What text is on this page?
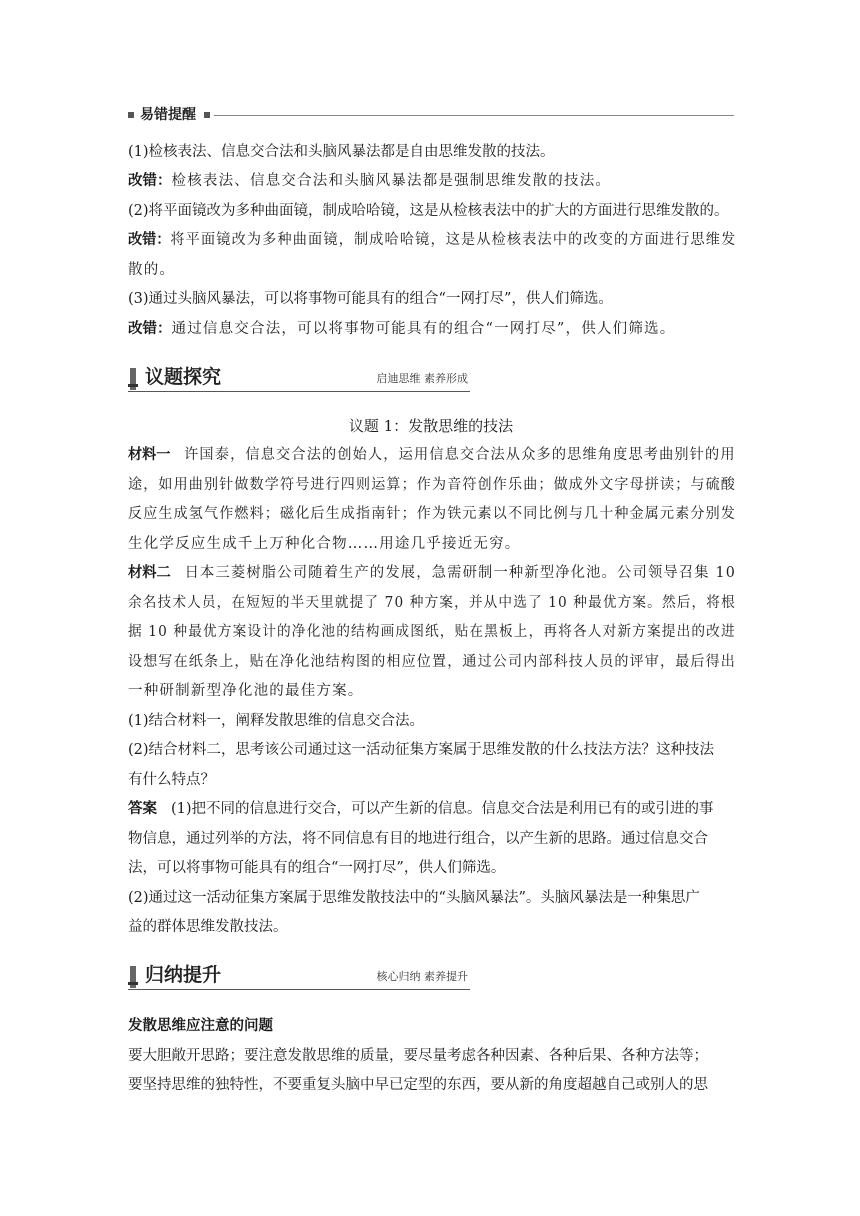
易错提醒
(1)检核表法、信息交合法和头脑风暴法都是自由思维发散的技法。
改错：检核表法、信息交合法和头脑风暴法都是强制思维发散的技法。
(2)将平面镜改为多种曲面镜，制成哈哈镜，这是从检核表法中的扩大的方面进行思维发散的。
改错：将平面镜改为多种曲面镜，制成哈哈镜，这是从检核表法中的改变的方面进行思维发
散的。
(3)通过头脑风暴法，可以将事物可能具有的组合“一网打尽”，供人们筛选。
改错：通过信息交合法，可以将事物可能具有的组合“一网打尽”，供人们筛选。
议题探究	启迪思维 素养形成
议题 1：发散思维的技法
材料一 许国泰，信息交合法的创始人，运用信息交合法从众多的思维角度思考曲别针的用
途，如用曲别针做数学符号进行四则运算；作为音符创作乐曲；做成外文字母拼读；与硫酸
反应生成氢气作燃料；磁化后生成指南针；作为铁元素以不同比例与几十种金属元素分别发
生化学反应生成千上万种化合物……用途几乎接近无穷。
材料二 日本三菱树脂公司随着生产的发展，急需研制一种新型净化池。公司领导召集 10
余名技术人员，在短短的半天里就提了 70 种方案，并从中选了 10 种最优方案。然后，将根
据 10 种最优方案设计的净化池的结构画成图纸，贴在黑板上，再将各人对新方案提出的改进
设想写在纸条上，贴在净化池结构图的相应位置，通过公司内部科技人员的评审，最后得出
一种研制新型净化池的最佳方案。
(1)结合材料一，阐释发散思维的信息交合法。
(2)结合材料二，思考该公司通过这一活动征集方案属于思维发散的什么技法方法？这种技法
有什么特点？
答案 (1)把不同的信息进行交合，可以产生新的信息。信息交合法是利用已有的或引进的事
物信息，通过列举的方法，将不同信息有目的地进行组合，以产生新的思路。通过信息交合
法，可以将事物可能具有的组合“一网打尽”，供人们筛选。
(2)通过这一活动征集方案属于思维发散技法中的“头脑风暴法”。头脑风暴法是一种集思广
益的群体思维发散技法。
归纳提升	核心归纳 素养提升
发散思维应注意的问题
要大胆敞开思路；要注意发散思维的质量，要尽量考虑各种因素、各种后果、各种方法等；
要坚持思维的独特性，不要重复头脑中早已定型的东西，要从新的角度超越自己或别人的思
